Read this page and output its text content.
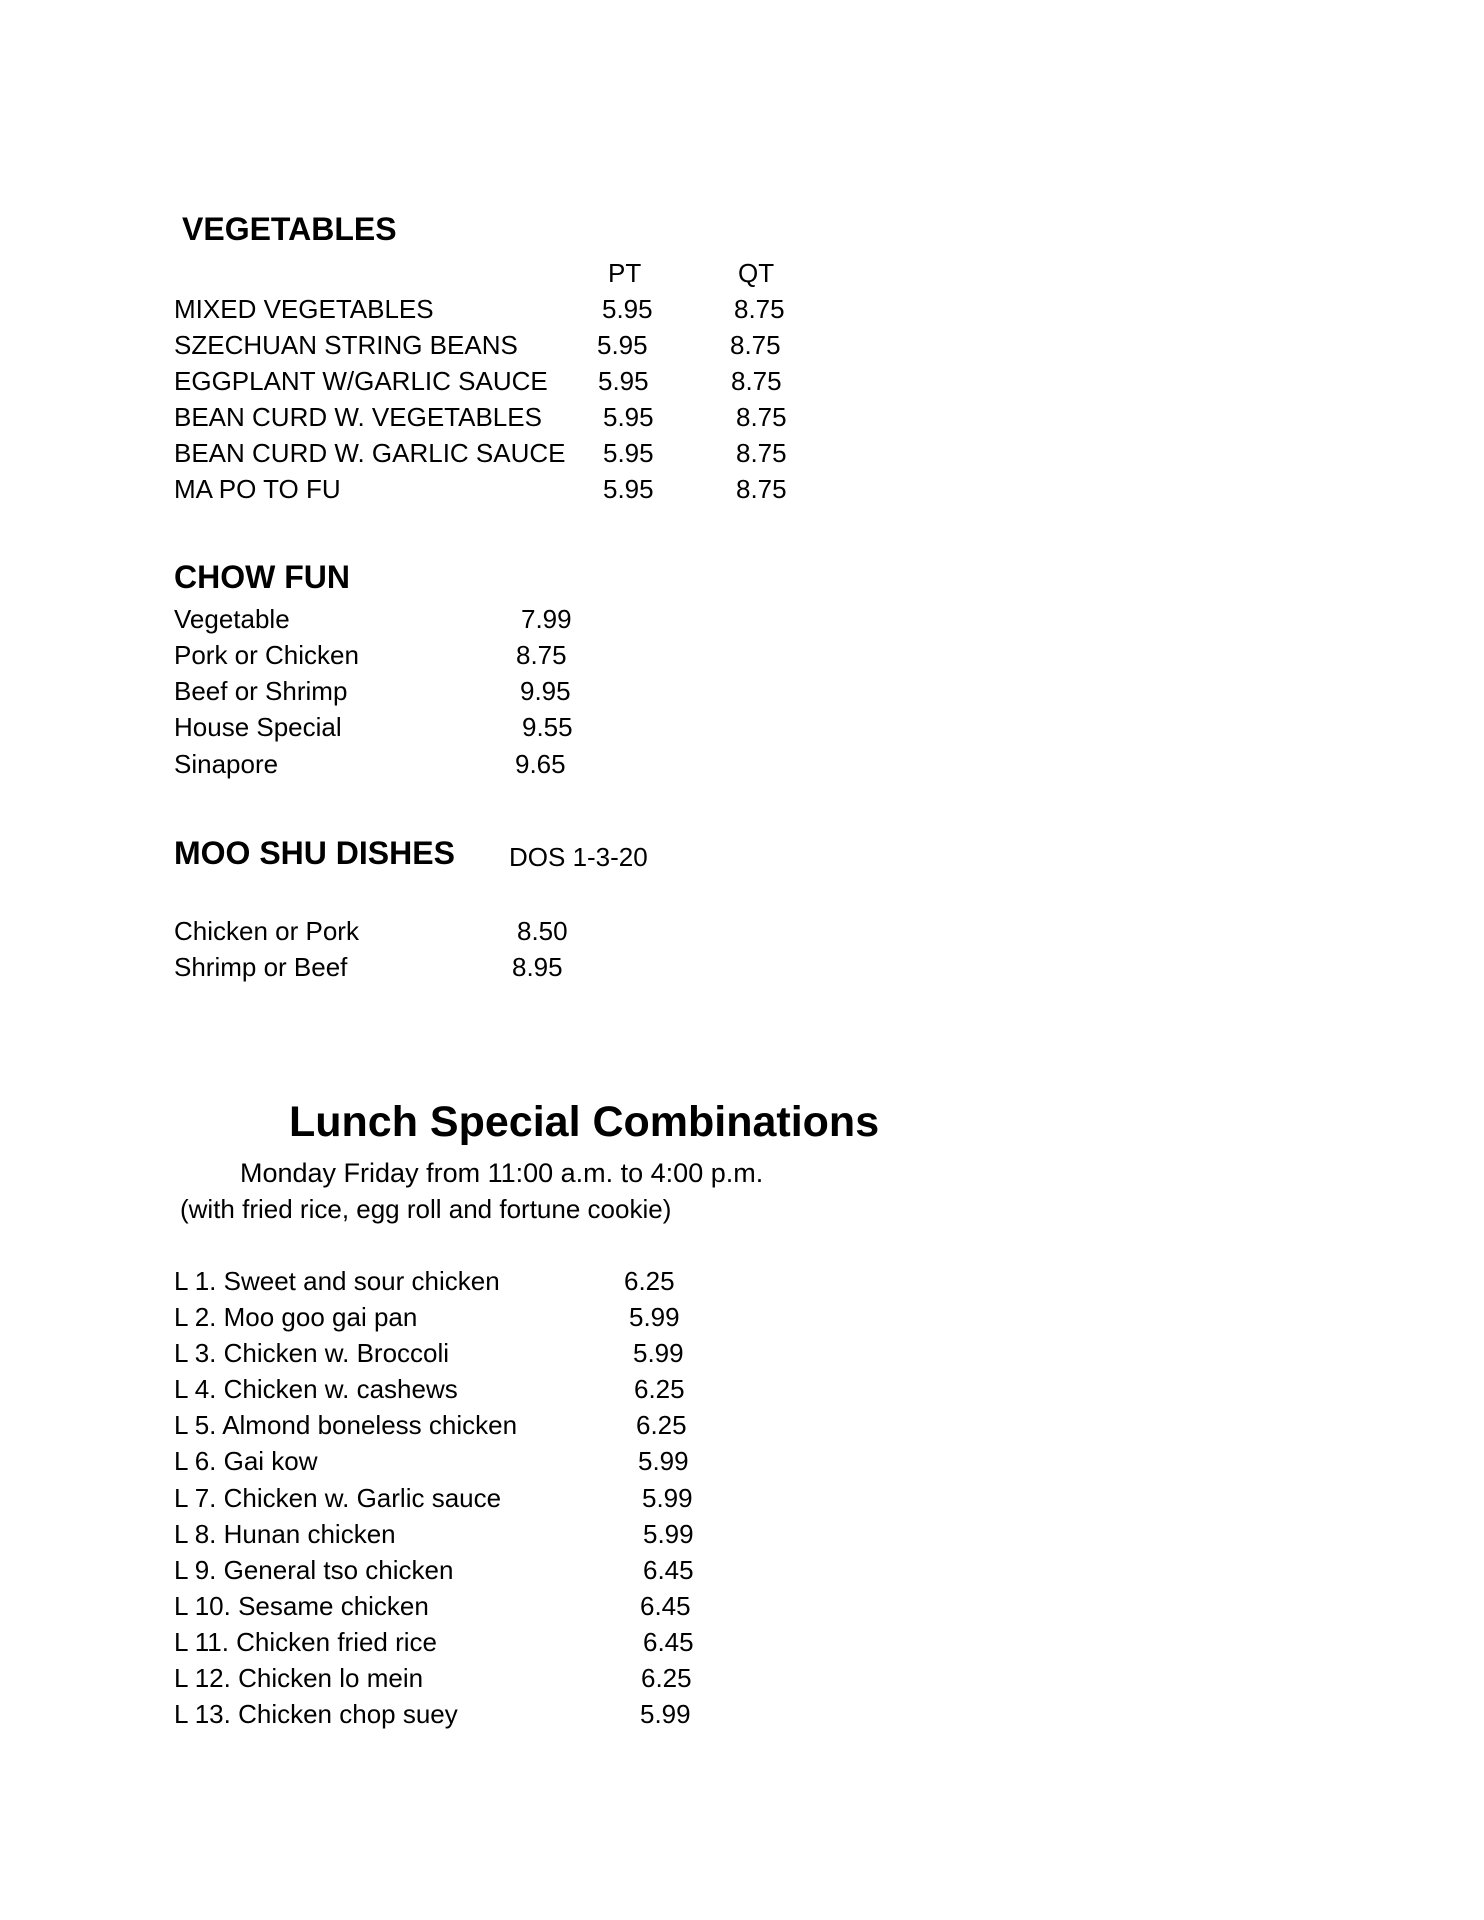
VEGETABLES
PT	QT
MIXED VEGETABLES	5.95	8.75
SZECHUAN STRING BEANS	5.95	8.75
EGGPLANT W/GARLIC SAUCE 5.95	8.75
BEAN CURD W. VEGETABLES 5.95	8.75
BEAN CURD W. GARLIC SAUCE 5.95	8.75
MA PO TO FU	5.95	8.75
CHOW FUN
Vegetable	7.99
Pork or Chicken	8.75
Beef or Shrimp	9.95
House Special	9.55
Sinapore	9.65
MOO SHU DISHES DOS 1-3-20
Chicken or Pork	8.50
Shrimp or Beef	8.95
Lunch Special Combinations
Monday Friday from 11:00 a.m. to 4:00 p.m.
(with fried rice, egg roll and fortune cookie)
L 1. Sweet and sour chicken	6.25
L 2. Moo goo gai pan	5.99
L 3. Chicken w. Broccoli	5.99
L 4. Chicken w. cashews	6.25
L 5. Almond boneless chicken	6.25
L 6. Gai kow	5.99
L 7. Chicken w. Garlic sauce	5.99
L 8. Hunan chicken	5.99
L 9. General tso chicken	6.45
L 10. Sesame chicken	6.45
L 11. Chicken fried rice	6.45
L 12. Chicken lo mein	6.25
L 13. Chicken chop suey	5.99
